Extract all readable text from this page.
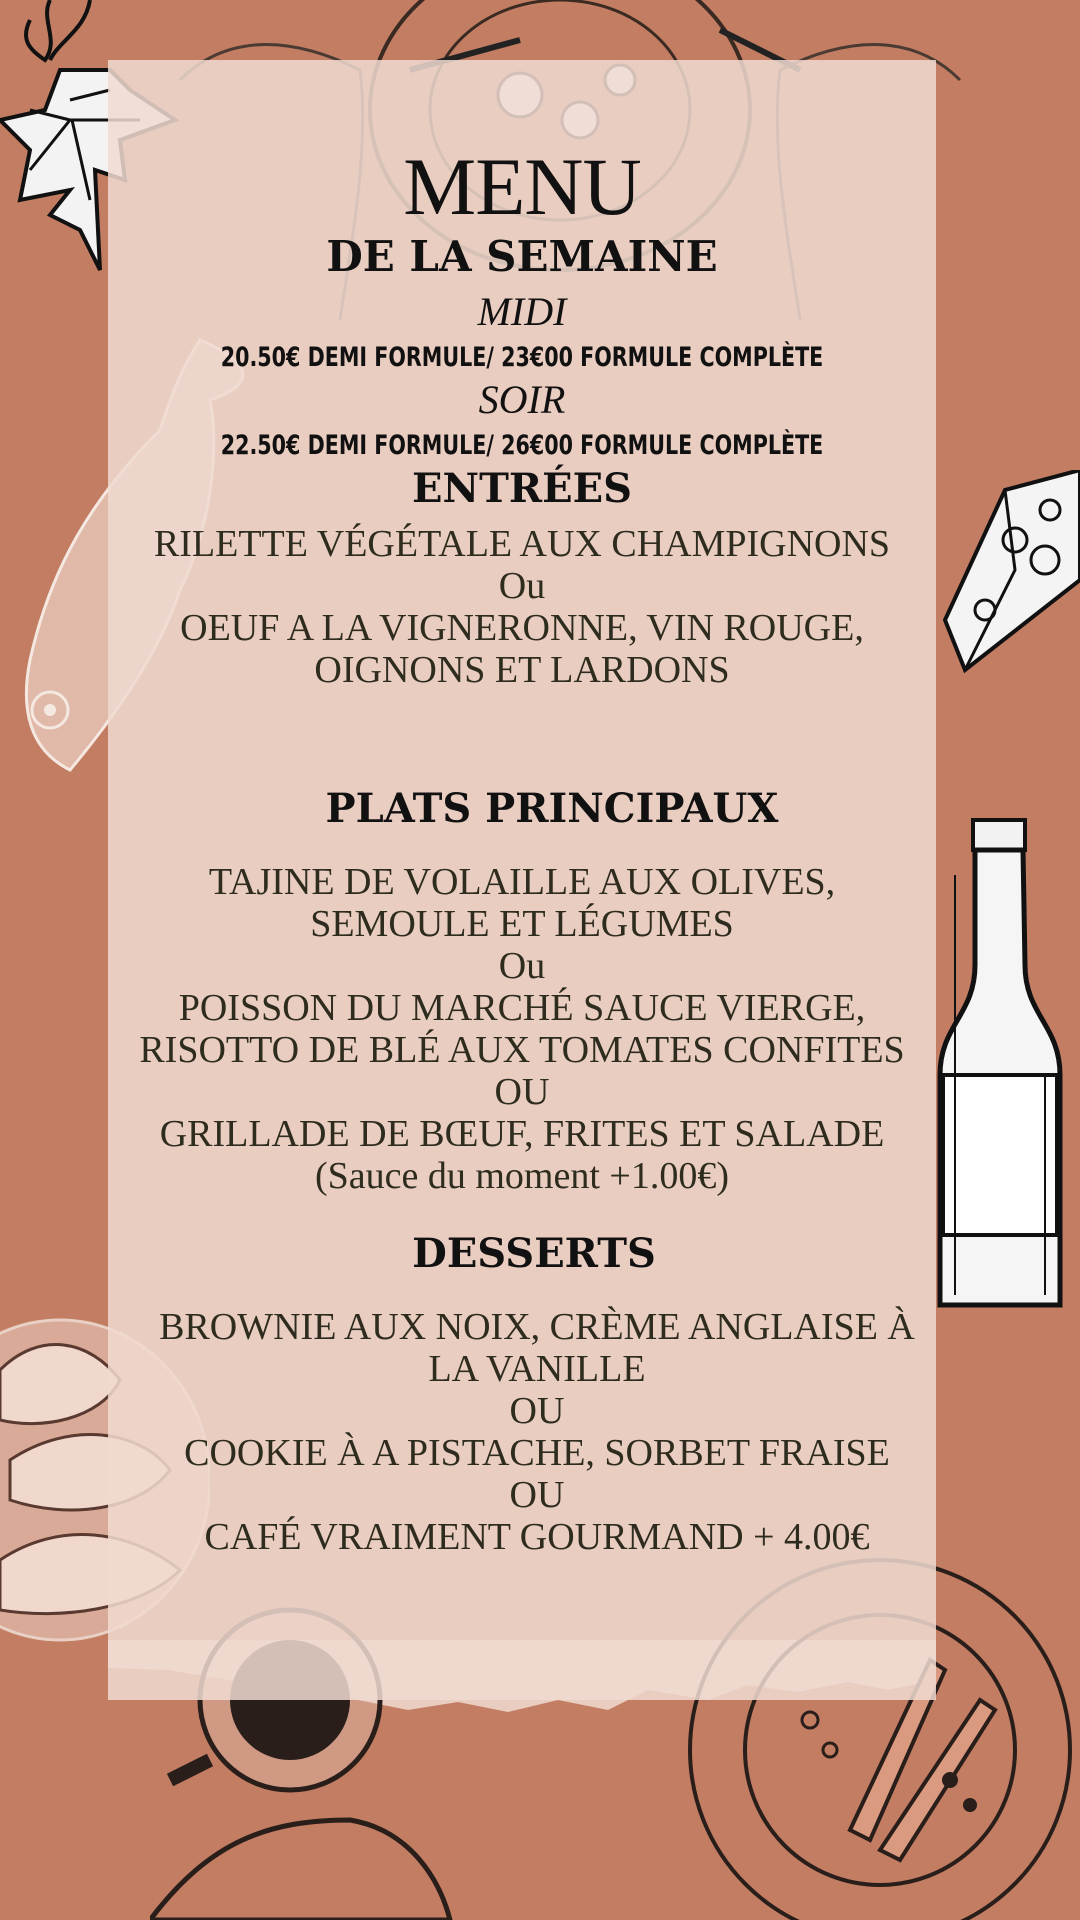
MENU
DE LA SEMAINE
MIDI
20.50€ DEMI FORMULE/ 23€00 FORMULE COMPLÈTE
SOIR
22.50€ DEMI FORMULE/ 26€00 FORMULE COMPLÈTE
ENTRÉES
RILETTE VÉGÉTALE AUX CHAMPIGNONS
Ou
OEUF A LA VIGNERONNE, VIN ROUGE,
OIGNONS ET LARDONS
PLATS PRINCIPAUX
TAJINE DE VOLAILLE AUX OLIVES,
SEMOULE ET LÉGUMES
Ou
POISSON DU MARCHÉ SAUCE VIERGE,
RISOTTO DE BLÉ AUX TOMATES CONFITES
OU
GRILLADE DE BŒUF, FRITES ET SALADE
(Sauce du moment +1.00€)
DESSERTS
BROWNIE AUX NOIX, CRÈME ANGLAISE À
LA VANILLE
OU
COOKIE À A PISTACHE, SORBET FRAISE
OU
CAFÉ VRAIMENT GOURMAND + 4.00€
